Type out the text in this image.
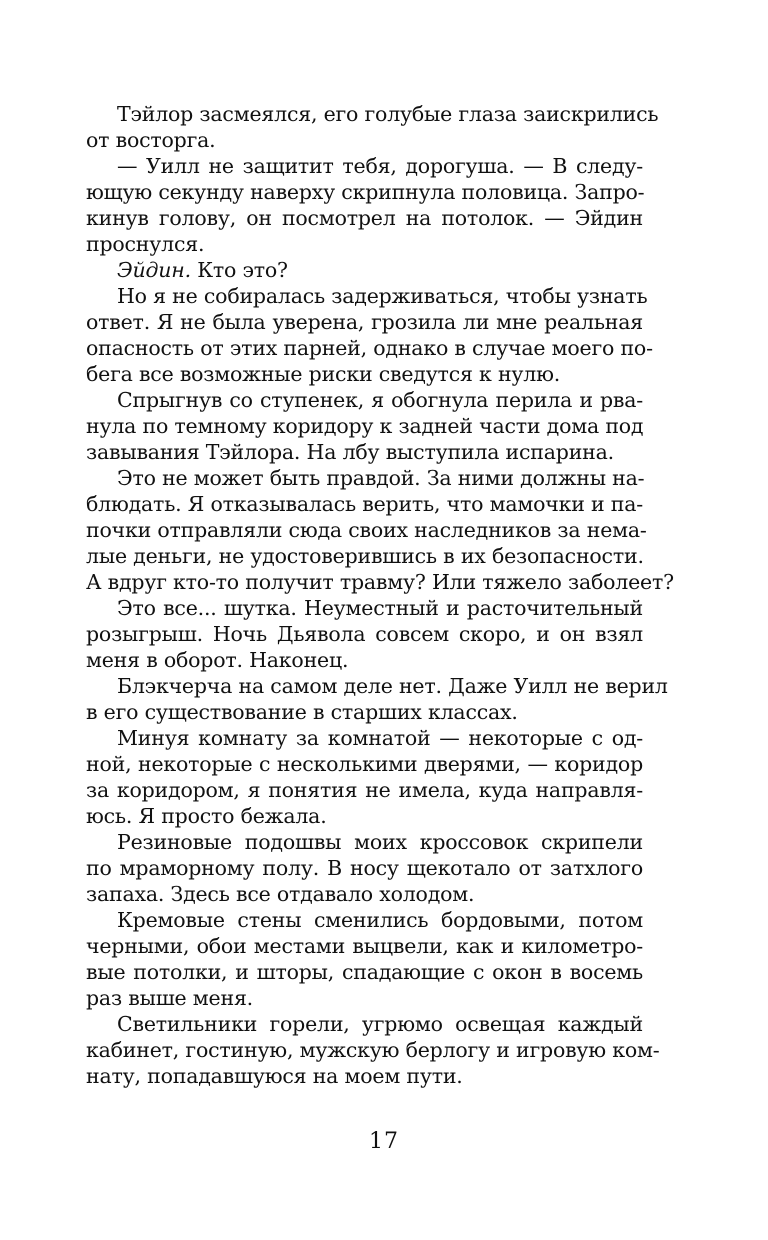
Тэйлор засмеялся, его голубые глаза заискрились
от восторга.
— Уилл не защитит тебя, дорогуша. — В следу-
ющую секунду наверху скрипнула половица. Запро-
кинув голову, он посмотрел на потолок. — Эйдин
проснулся.
Эйдин. Кто это?
Но я не собиралась задерживаться, чтобы узнать
ответ. Я не была уверена, грозила ли мне реальная
опасность от этих парней, однако в случае моего по-
бега все возможные риски сведутся к нулю.
Спрыгнув со ступенек, я обогнула перила и рва-
нула по темному коридору к задней части дома под
завывания Тэйлора. На лбу выступила испарина.
Это не может быть правдой. За ними должны на-
блюдать. Я отказывалась верить, что мамочки и па-
почки отправляли сюда своих наследников за нема-
лые деньги, не удостоверившись в их безопасности.
А вдруг кто-то получит травму? Или тяжело заболеет?
Это все... шутка. Неуместный и расточительный
розыгрыш. Ночь Дьявола совсем скоро, и он взял
меня в оборот. Наконец.
Блэкчерча на самом деле нет. Даже Уилл не верил
в его существование в старших классах.
Минуя комнату за комнатой — некоторые с од-
ной, некоторые с несколькими дверями, — коридор
за коридором, я понятия не имела, куда направля-
юсь. Я просто бежала.
Резиновые подошвы моих кроссовок скрипели
по мраморному полу. В носу щекотало от затхлого
запаха. Здесь все отдавало холодом.
Кремовые стены сменились бордовыми, потом
черными, обои местами выцвели, как и километро-
вые потолки, и шторы, спадающие с окон в восемь
раз выше меня.
Светильники горели, угрюмо освещая каждый
кабинет, гостиную, мужскую берлогу и игровую ком-
нату, попадавшуюся на моем пути.
17
